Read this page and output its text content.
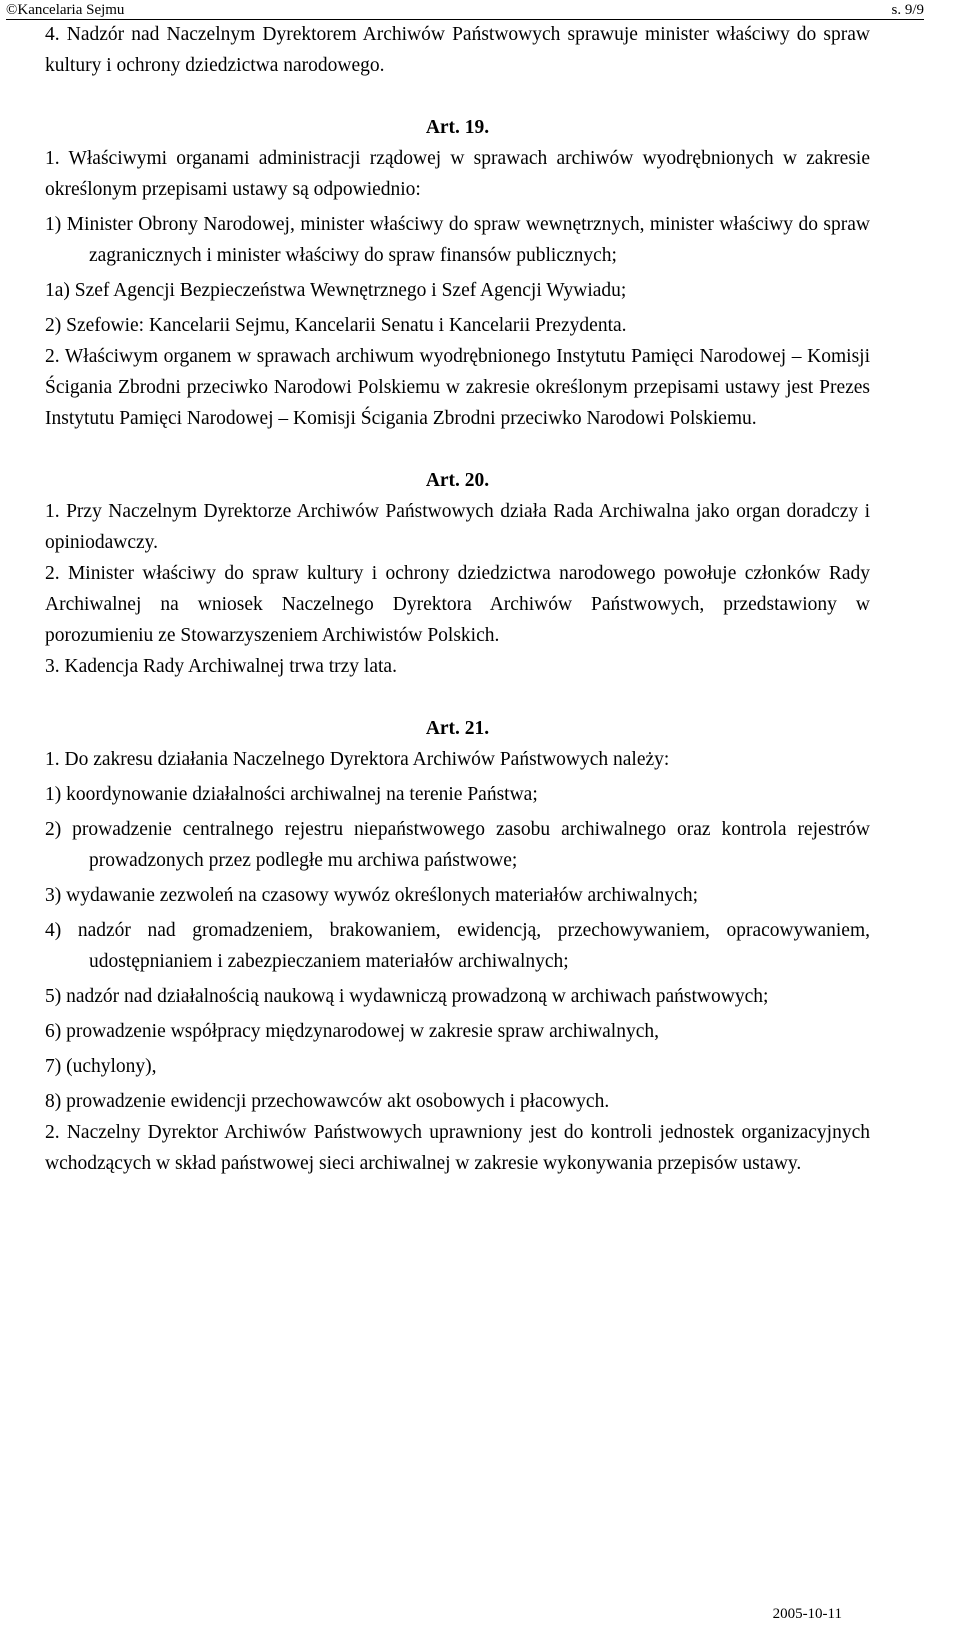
©Kancelaria Sejmu	s. 9/9

4. Nadzór nad Naczelnym Dyrektorem Archiwów Państwowych sprawuje minister właściwy do spraw kultury i ochrony dziedzictwa narodowego.

Art. 19.

1. Właściwymi organami administracji rządowej w sprawach archiwów wyodrębnionych w zakresie określonym przepisami ustawy są odpowiednio:

1) Minister Obrony Narodowej, minister właściwy do spraw wewnętrznych, minister właściwy do spraw zagranicznych i minister właściwy do spraw finansów publicznych;

1a) Szef Agencji Bezpieczeństwa Wewnętrznego i Szef Agencji Wywiadu;

2) Szefowie: Kancelarii Sejmu, Kancelarii Senatu i Kancelarii Prezydenta.

2. Właściwym organem w sprawach archiwum wyodrębnionego Instytutu Pamięci Narodowej – Komisji Ścigania Zbrodni przeciwko Narodowi Polskiemu w zakresie określonym przepisami ustawy jest Prezes Instytutu Pamięci Narodowej – Komisji Ścigania Zbrodni przeciwko Narodowi Polskiemu.

Art. 20.

1. Przy Naczelnym Dyrektorze Archiwów Państwowych działa Rada Archiwalna jako organ doradczy i opiniodawczy.

2. Minister właściwy do spraw kultury i ochrony dziedzictwa narodowego powołuje członków Rady Archiwalnej na wniosek Naczelnego Dyrektora Archiwów Państwowych, przedstawiony w porozumieniu ze Stowarzyszeniem Archiwistów Polskich.

3. Kadencja Rady Archiwalnej trwa trzy lata.

Art. 21.

1. Do zakresu działania Naczelnego Dyrektora Archiwów Państwowych należy:

1) koordynowanie działalności archiwalnej na terenie Państwa;

2) prowadzenie centralnego rejestru niepaństwowego zasobu archiwalnego oraz kontrola rejestrów prowadzonych przez podległe mu archiwa państwowe;

3) wydawanie zezwoleń na czasowy wywóz określonych materiałów archiwalnych;

4) nadzór nad gromadzeniem, brakowaniem, ewidencją, przechowywaniem, opracowywaniem, udostępnianiem i zabezpieczaniem materiałów archiwalnych;

5) nadzór nad działalnością naukową i wydawniczą prowadzoną w archiwach państwowych;

6) prowadzenie współpracy międzynarodowej w zakresie spraw archiwalnych,

7) (uchylony),

8) prowadzenie ewidencji przechowawców akt osobowych i płacowych.

2. Naczelny Dyrektor Archiwów Państwowych uprawniony jest do kontroli jednostek organizacyjnych wchodzących w skład państwowej sieci archiwalnej w zakresie wykonywania przepisów ustawy.

2005-10-11
